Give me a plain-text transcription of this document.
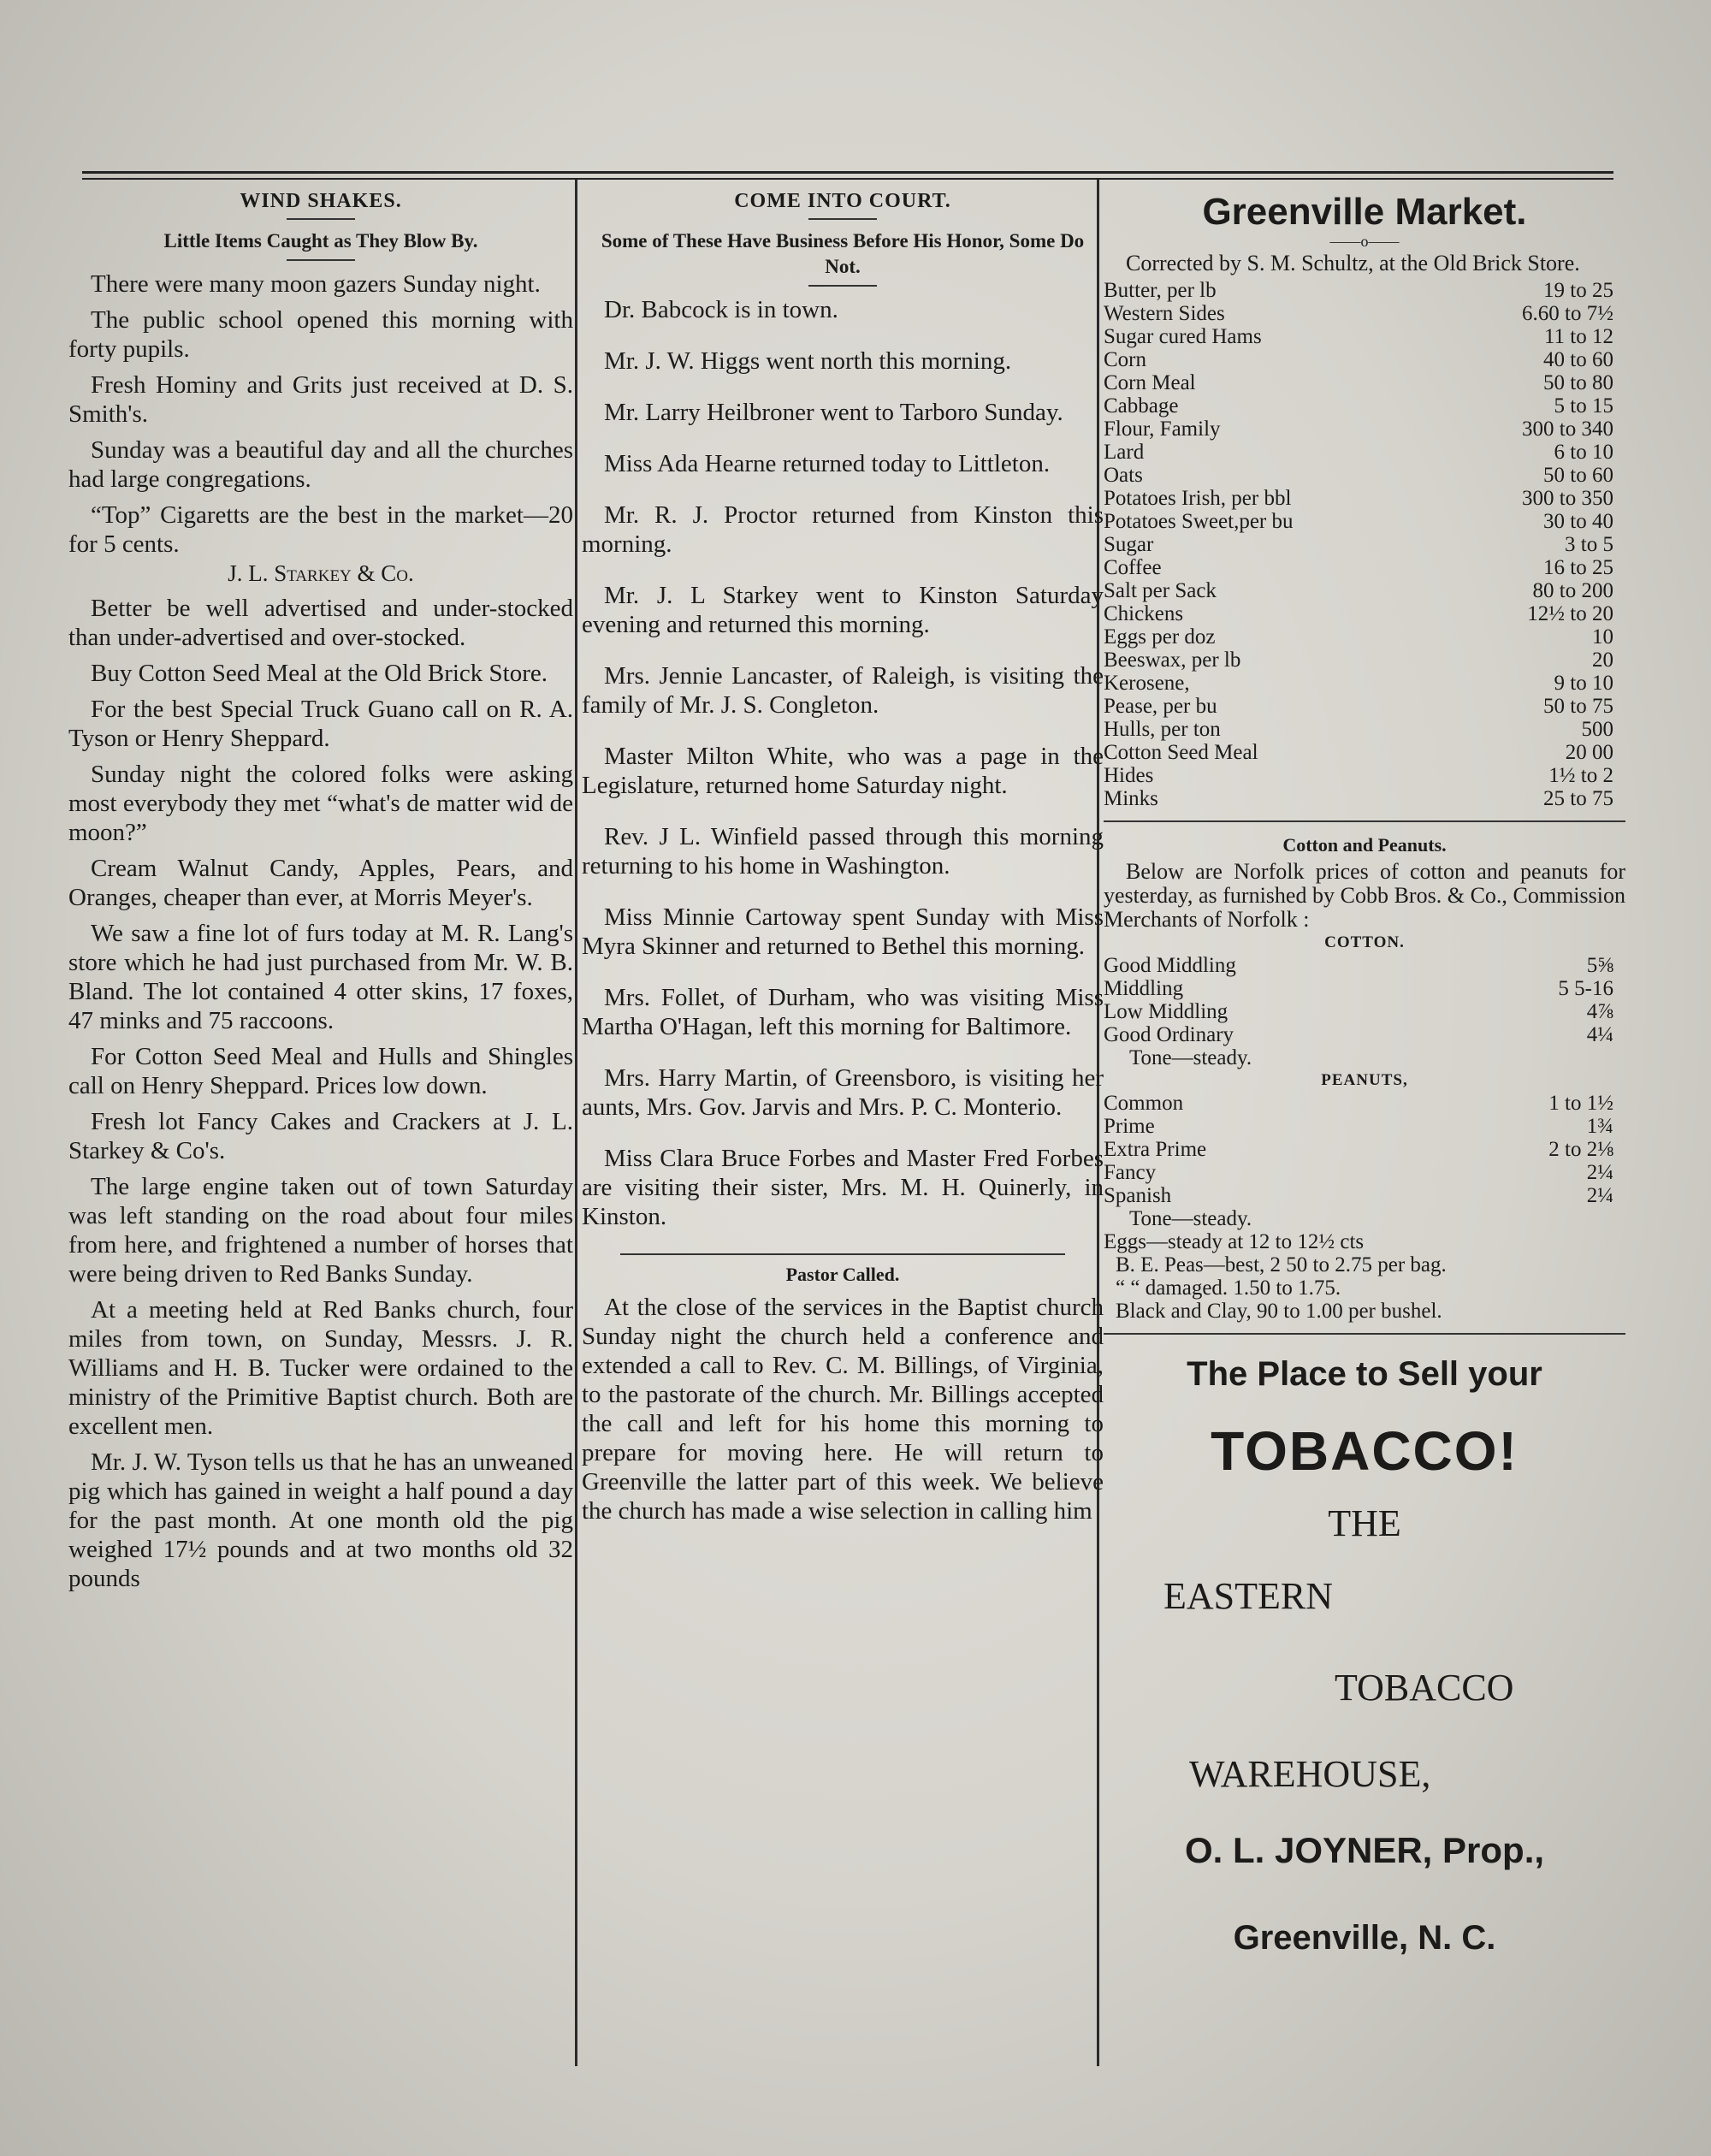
WIND SHAKES.
Little Items Caught as They Blow By.

There were many moon gazers Sunday night.

The public school opened this morning with forty pupils.

Fresh Hominy and Grits just received at D. S. Smith's.

Sunday was a beautiful day and all the churches had large congregations.

“Top” Cigaretts are the best in the market—20 for 5 cents.

J. L. Starkey & Co.

Better be well advertised and under-stocked than under-advertised and over-stocked.

Buy Cotton Seed Meal at the Old Brick Store.

For the best Special Truck Guano call on R. A. Tyson or Henry Sheppard.

Sunday night the colored folks were asking most everybody they met “what's de matter wid de moon?”

Cream Walnut Candy, Apples, Pears, and Oranges, cheaper than ever, at Morris Meyer's.

We saw a fine lot of furs today at M. R. Lang's store which he had just purchased from Mr. W. B. Bland. The lot contained 4 otter skins, 17 foxes, 47 minks and 75 raccoons.

For Cotton Seed Meal and Hulls and Shingles call on Henry Sheppard. Prices low down.

Fresh lot Fancy Cakes and Crackers at J. L. Starkey & Co's.

The large engine taken out of town Saturday was left standing on the road about four miles from here, and frightened a number of horses that were being driven to Red Banks Sunday.

At a meeting held at Red Banks church, four miles from town, on Sunday, Messrs. J. R. Williams and H. B. Tucker were ordained to the ministry of the Primitive Baptist church. Both are excellent men.

Mr. J. W. Tyson tells us that he has an unweaned pig which has gained in weight a half pound a day for the past month. At one month old the pig weighed 17½ pounds and at two months old 32 pounds

COME INTO COURT.
Some of These Have Business Before His Honor, Some Do Not.

Dr. Babcock is in town.

Mr. J. W. Higgs went north this morning.

Mr. Larry Heilbroner went to Tarboro Sunday.

Miss Ada Hearne returned today to Littleton.

Mr. R. J. Proctor returned from Kinston this morning.

Mr. J. L Starkey went to Kinston Saturday evening and returned this morning.

Mrs. Jennie Lancaster, of Raleigh, is visiting the family of Mr. J. S. Congleton.

Master Milton White, who was a page in the Legislature, returned home Saturday night.

Rev. J L. Winfield passed through this morning returning to his home in Washington.

Miss Minnie Cartoway spent Sunday with Miss Myra Skinner and returned to Bethel this morning.

Mrs. Follet, of Durham, who was visiting Miss Martha O'Hagan, left this morning for Baltimore.

Mrs. Harry Martin, of Greensboro, is visiting her aunts, Mrs. Gov. Jarvis and Mrs. P. C. Monterio.

Miss Clara Bruce Forbes and Master Fred Forbes are visiting their sister, Mrs. M. H. Quinerly, in Kinston.

Pastor Called.

At the close of the services in the Baptist church Sunday night the church held a conference and extended a call to Rev. C. M. Billings, of Virginia, to the pastorate of the church. Mr. Billings accepted the call and left for his home this morning to prepare for moving here. He will return to Greenville the latter part of this week. We believe the church has made a wise selection in calling him

Greenville Market.
——o——
Corrected by S. M. Schultz, at the Old Brick Store.
Butter, per lb	19 to 25
Western Sides	6.60 to 7½
Sugar cured Hams	11 to 12
Corn	40 to 60
Corn Meal	50 to 80
Cabbage	5 to 15
Flour, Family	300 to 340
Lard	6 to 10
Oats	50 to 60
Potatoes Irish, per bbl	300 to 350
Potatoes Sweet,per bu	30 to 40
Sugar	3 to 5
Coffee	16 to 25
Salt per Sack	80 to 200
Chickens	12½ to 20
Eggs per doz	10
Beeswax, per lb	20
Kerosene,	9 to 10
Pease, per bu	50 to 75
Hulls, per ton	500
Cotton Seed Meal	20 00
Hides	1½ to 2
Minks	25 to 75
Cotton and Peanuts.
Below are Norfolk prices of cotton and peanuts for yesterday, as furnished by Cobb Bros. & Co., Commission Merchants of Norfolk :
COTTON.
Good Middling	5⅝
Middling	5 5-16
Low Middling	4⅞
Good Ordinary	4¼
Tone—steady.
PEANUTS,
Common	1 to 1½
Prime	1¾
Extra Prime	2 to 2⅛
Fancy	2¼
Spanish	2¼
Tone—steady.
Eggs—steady at 12 to 12½ cts
B. E. Peas—best, 2 50 to 2.75 per bag.
“ “ damaged. 1.50 to 1.75.
Black and Clay, 90 to 1.00 per bushel.
The Place to Sell your
TOBACCO!
THE
EASTERN
TOBACCO
WAREHOUSE,
O. L. JOYNER, Prop.,
Greenville, N. C.
